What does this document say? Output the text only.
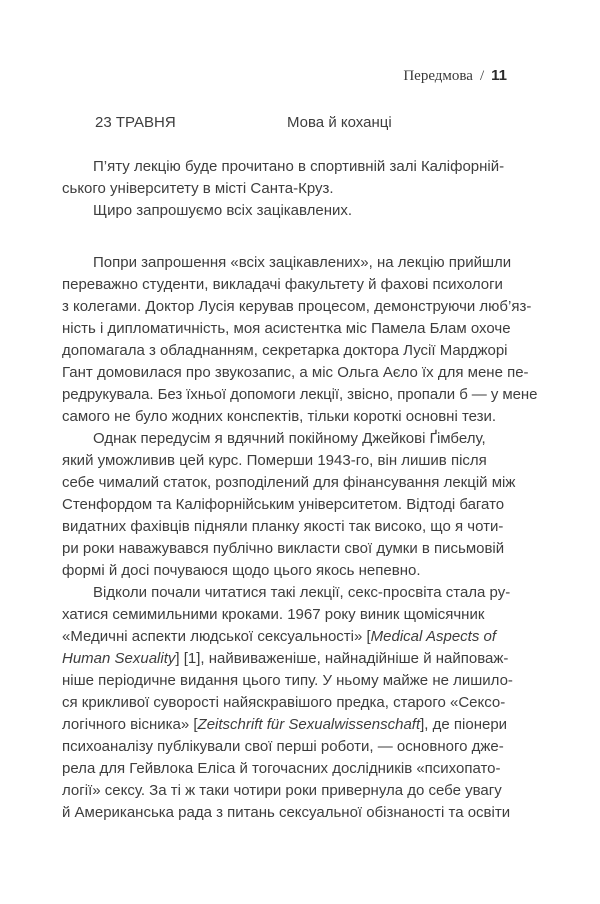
Передмова / 11
23 ТРАВНЯ	Мова й коханці
П’яту лекцію буде прочитано в спортивній залі Каліфорній-
ського університету в місті Санта-Круз.
Щиро запрошуємо всіх зацікавлених.
Попри запрошення «всіх зацікавлених», на лекцію прийшли
переважно студенти, викладачі факультету й фахові психологи
з колегами. Доктор Лусія керував процесом, демонструючи люб’яз-
ність і дипломатичність, моя асистентка міс Памела Блам охоче
допомагала з обладнанням, секретарка доктора Лусії Марджорі
Гант домовилася про звукозапис, а міс Ольга Аєло їх для мене пе-
редрукувала. Без їхньої допомоги лекції, звісно, пропали б — у мене
самого не було жодних конспектів, тільки короткі основні тези.
Однак передусім я вдячний покійному Джейкові Ґімбелу,
який уможливив цей курс. Померши 1943-го, він лишив після
себе чималий статок, розподілений для фінансування лекцій між
Стенфордом та Каліфорнійським університетом. Відтоді багато
видатних фахівців підняли планку якості так високо, що я чоти-
ри роки наважувався публічно викласти свої думки в письмовій
формі й досі почуваюся щодо цього якось непевно.
Відколи почали читатися такі лекції, секс-просвіта стала ру-
хатися семимильними кроками. 1967 року виник щомісячник
«Медичні аспекти людської сексуальності» [Medical Aspects of
Human Sexuality] [1], найвиваженіше, найнадійніше й найповаж-
ніше періодичне видання цього типу. У ньому майже не лишило-
ся крикливої суворості найяскравішого предка, старого «Сексо-
логічного вісника» [Zeitschrift für Sexualwissenschaft], де піонери
психоаналізу публікували свої перші роботи, — основного дже-
рела для Гейвлока Еліса й тогочасних дослідників «психопато-
логії» сексу. За ті ж таки чотири роки привернула до себе увагу
й Американська рада з питань сексуальної обізнаності та освіти
